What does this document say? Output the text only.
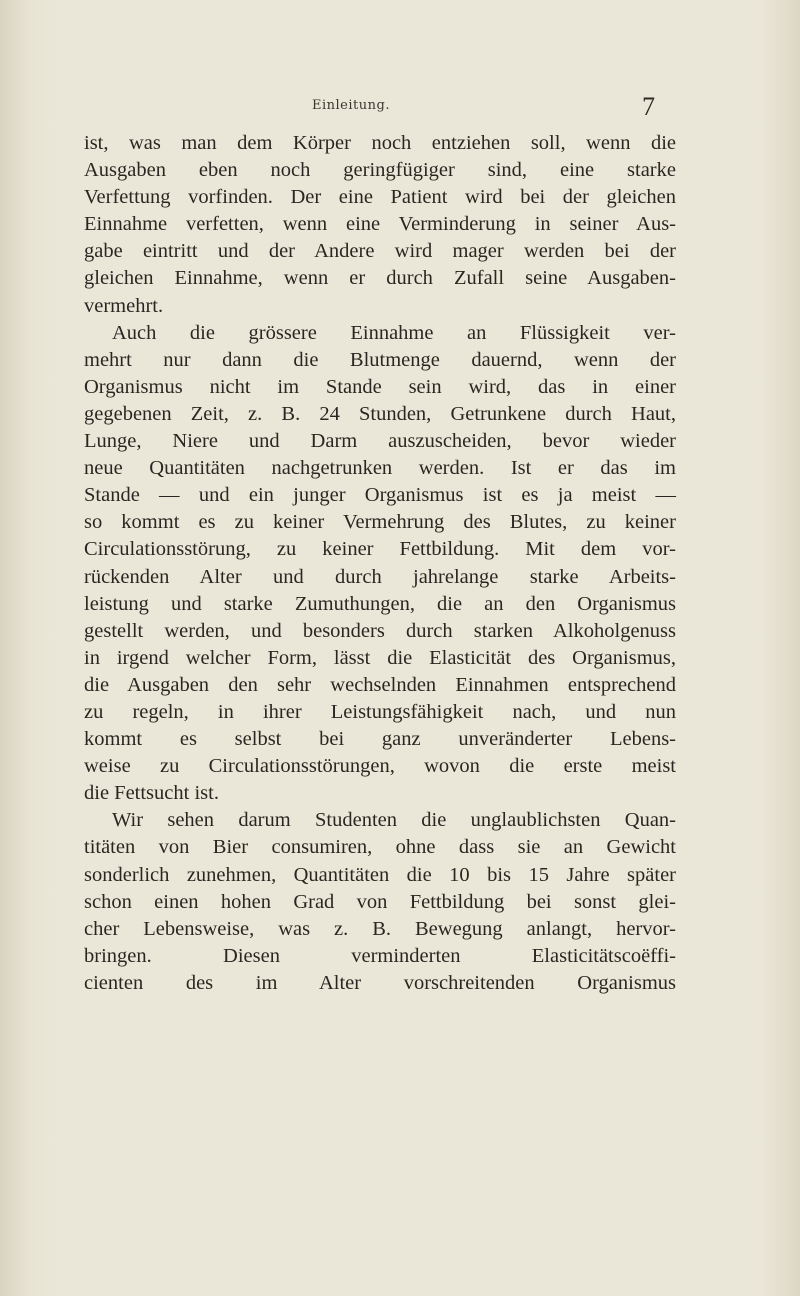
Einleitung.	7
ist, was man dem Körper noch entziehen soll, wenn die
Ausgaben eben noch geringfügiger sind, eine starke
Verfettung vorfinden. Der eine Patient wird bei der gleichen
Einnahme verfetten, wenn eine Verminderung in seiner Aus-
gabe eintritt und der Andere wird mager werden bei der
gleichen Einnahme, wenn er durch Zufall seine Ausgaben-
vermehrt.
Auch die grössere Einnahme an Flüssigkeit ver-
mehrt nur dann die Blutmenge dauernd, wenn der
Organismus nicht im Stande sein wird, das in einer
gegebenen Zeit, z. B. 24 Stunden, Getrunkene durch Haut,
Lunge, Niere und Darm auszuscheiden, bevor wieder
neue Quantitäten nachgetrunken werden. Ist er das im
Stande — und ein junger Organismus ist es ja meist —
so kommt es zu keiner Vermehrung des Blutes, zu keiner
Circulationsstörung, zu keiner Fettbildung. Mit dem vor-
rückenden Alter und durch jahrelange starke Arbeits-
leistung und starke Zumuthungen, die an den Organismus
gestellt werden, und besonders durch starken Alkoholgenuss
in irgend welcher Form, lässt die Elasticität des Organismus,
die Ausgaben den sehr wechselnden Einnahmen entsprechend
zu regeln, in ihrer Leistungsfähigkeit nach, und nun
kommt es selbst bei ganz unveränderter Lebens-
weise zu Circulationsstörungen, wovon die erste meist
die Fettsucht ist.
Wir sehen darum Studenten die unglaublichsten Quan-
titäten von Bier consumiren, ohne dass sie an Gewicht
sonderlich zunehmen, Quantitäten die 10 bis 15 Jahre später
schon einen hohen Grad von Fettbildung bei sonst glei-
cher Lebensweise, was z. B. Bewegung anlangt, hervor-
bringen. Diesen verminderten Elasticitätscoëffi-
cienten des im Alter vorschreitenden Organismus
